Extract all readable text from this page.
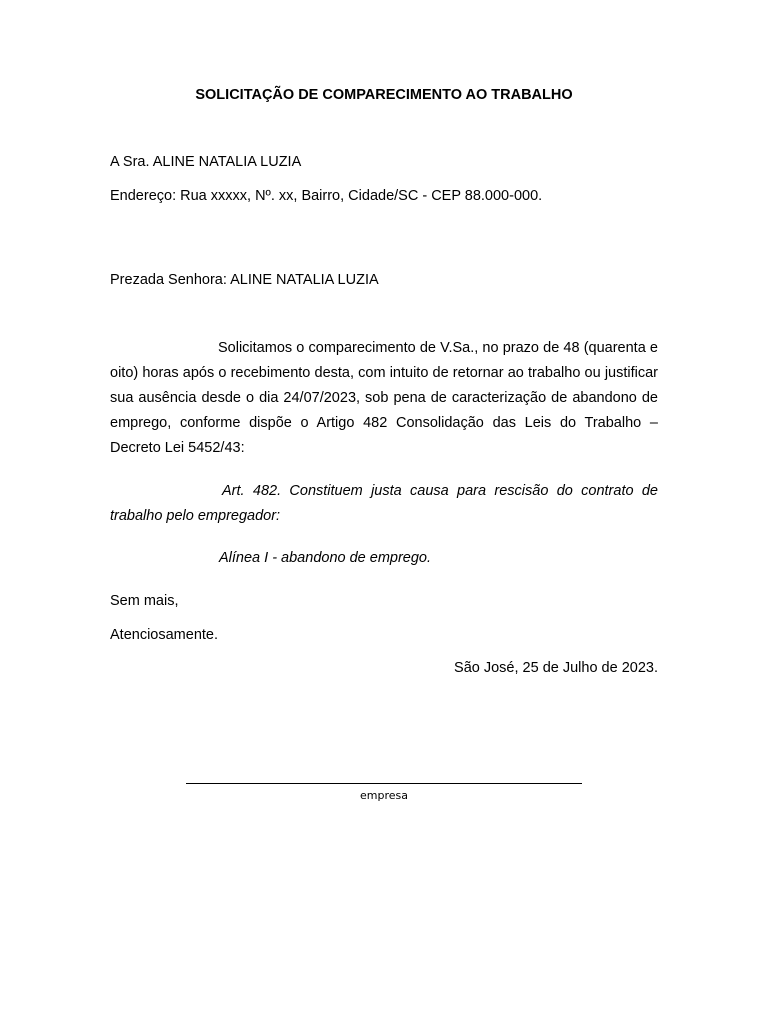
SOLICITAÇÃO DE COMPARECIMENTO AO TRABALHO
A Sra. ALINE NATALIA LUZIA
Endereço: Rua xxxxx, Nº. xx, Bairro, Cidade/SC - CEP 88.000-000.
Prezada Senhora: ALINE NATALIA LUZIA
Solicitamos o comparecimento de V.Sa., no prazo de 48 (quarenta e oito) horas após o recebimento desta, com intuito de retornar ao trabalho ou justificar sua ausência desde o dia 24/07/2023, sob pena de caracterização de abandono de emprego, conforme dispõe o Artigo 482 Consolidação das Leis do Trabalho – Decreto Lei 5452/43:
Art. 482. Constituem justa causa para rescisão do contrato de trabalho pelo empregador:
Alínea I - abandono de emprego.
Sem mais,
Atenciosamente.
São José, 25 de Julho de 2023.
empresa
